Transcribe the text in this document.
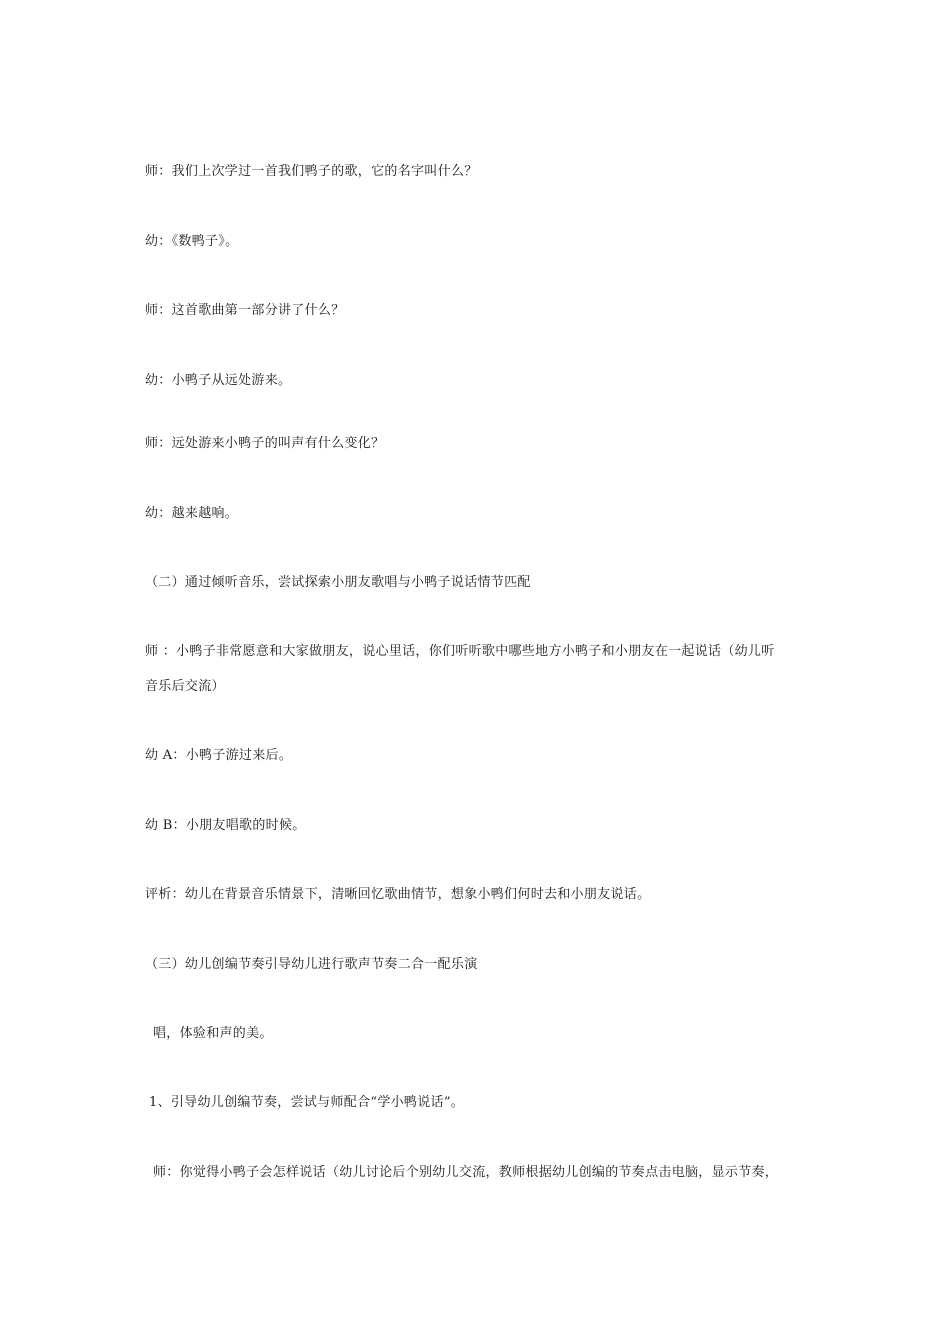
师：我们上次学过一首我们鸭子的歌，它的名字叫什么？
幼：《数鸭子》。
师：这首歌曲第一部分讲了什么？
幼：小鸭子从远处游来。
师：远处游来小鸭子的叫声有什么变化？
幼：越来越响。
（二）通过倾听音乐，尝试探索小朋友歌唱与小鸭子说话情节匹配
师 ：小鸭子非常愿意和大家做朋友，说心里话，你们听听歌中哪些地方小鸭子和小朋友在一起说话（幼儿听
音乐后交流）
幼 A：小鸭子游过来后。
幼 B：小朋友唱歌的时候。
评析：幼儿在背景音乐情景下，清晰回忆歌曲情节，想象小鸭们何时去和小朋友说话。
（三）幼儿创编节奏引导幼儿进行歌声节奏二合一配乐演
唱，体验和声的美。
1、引导幼儿创编节奏，尝试与师配合“学小鸭说话”。
师：你觉得小鸭子会怎样说话（幼儿讨论后个别幼儿交流，教师根据幼儿创编的节奏点击电脑，显示节奏，
